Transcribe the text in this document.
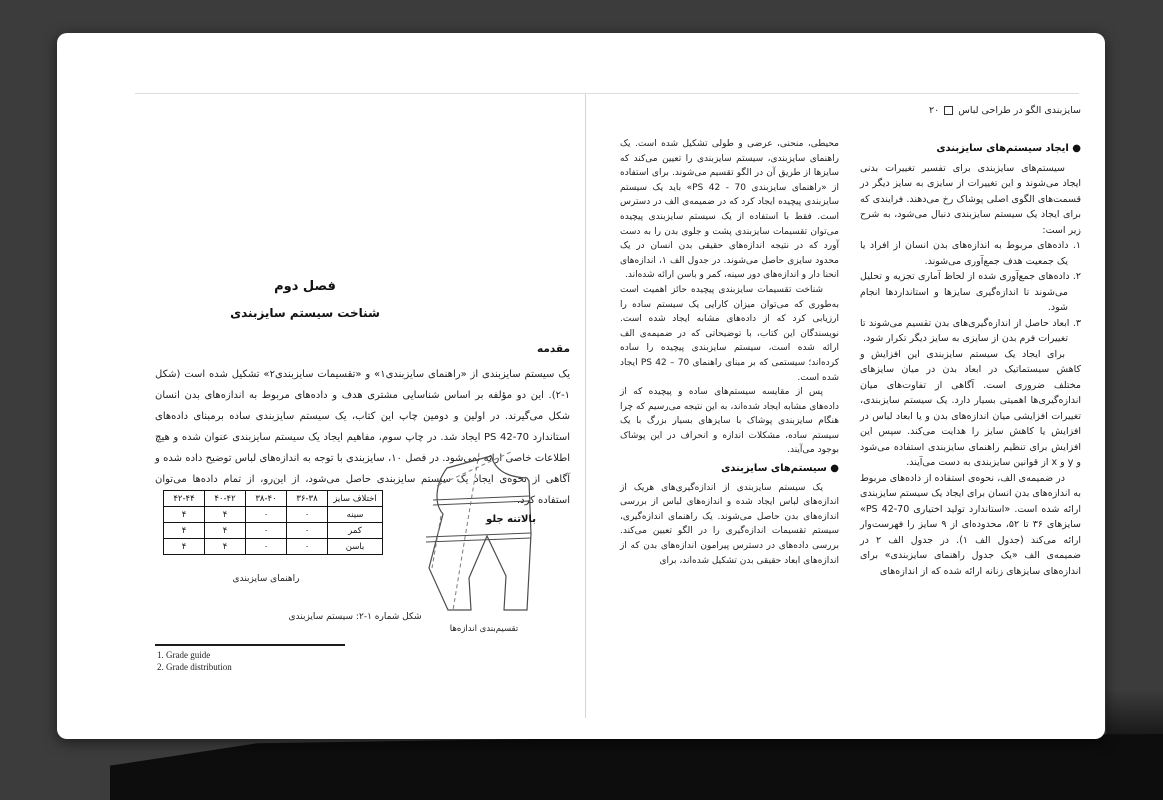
فصل دوم
شناخت سیستم سایزبندی
مقدمه
یک سیستم سایزبندی از «راهنمای سایزبندی۱» و «تقسیمات سایزبندی۲» تشکیل شده است (شکل ۱-۲). این دو مؤلفه بر اساس شناسایی مشتری هدف و داده‌های مربوط به اندازه‌های بدن انسان شکل می‌گیرند. در اولین و دومین چاپ این کتاب، یک سیستم سایزبندی ساده برمبنای داده‌های استاندارد PS 42-70 ایجاد شد. در چاپ سوم، مفاهیم ایجاد یک سیستم سایزبندی عنوان شده و هیچ اطلاعات خاصی ارائه نمی‌شود. در فصل ۱۰، سایزبندی با توجه به اندازه‌های لباس توضیح داده شده و آگاهی از نحوه‌ی ایجاد یک سیستم سایزبندی حاصل می‌شود، از این‌رو، از تمام داده‌ها می‌توان استفاده کرد.
اختلاف سایز	۳۶-۳۸	۳۸-۴۰	۴۰-۴۲	۴۲-۴۴
سینه	۰	۰	۴	۴
کمر	۰	۰	۴	۴
باسن	۰	۰	۴	۴
راهنمای سایزبندی
بالاتنه جلو
تقسیم‌بندی اندازه‌ها
شکل شماره ۱-۲: سیستم سایزبندی
1. Grade guide
2. Grade distribution
۲۰ سایزبندی الگو در طراحی لباس

محیطی، منحنی، عرضی و طولی تشکیل شده است. یک راهنمای سایزبندی، سیستم سایزبندی را تعیین می‌کند که سایزها از طریق آن در الگو تقسیم می‌شوند. برای استفاده از «راهنمای سایزبندی PS 42 - 70» باید یک سیستم سایزبندی پیچیده ایجاد کرد که در ضمیمه‌ی الف در دسترس است. فقط با استفاده از یک سیستم سایزبندی پیچیده می‌توان تقسیمات سایزبندی پشت و جلوی بدن را به دست آورد که در نتیجه اندازه‌های حقیقی بدن انسان در یک محدود سایزی حاصل می‌شوند. در جدول الف ۱، اندازه‌های انحنا دار و اندازه‌های دور سینه، کمر و باسن ارائه شده‌اند.

شناخت تقسیمات سایزبندی پیچیده حائز اهمیت است به‌طوری که می‌توان میزان کارایی یک سیستم ساده را ارزیابی کرد که از داده‌های مشابه ایجاد شده است. نویسندگان این کتاب، با توضیحاتی که در ضمیمه‌ی الف ارائه شده است، سیستم سایزبندی پیچیده را ساده کرده‌اند؛ سیستمی که بر مبنای راهنمای PS 42 – 70 ایجاد شده است.

پس از مقایسه سیستم‌های ساده و پیچیده که از داده‌های مشابه ایجاد شده‌اند، به این نتیجه می‌رسیم که چرا هنگام سایزبندی پوشاک با سایزهای بسیار بزرگ با یک سیستم ساده، مشکلات اندازه و انحراف در این پوشاک بوجود می‌آیند.

● سیستم‌های سایزبندی

یک سیستم سایزبندی از اندازه‌گیری‌های هریک از اندازه‌های لباس ایجاد شده و اندازه‌های لباس از بررسی اندازه‌های بدن حاصل می‌شوند. یک راهنمای اندازه‌گیری، سیستم تقسیمات اندازه‌گیری را در الگو تعیین می‌کند. بررسی داده‌های در دسترس پیرامون اندازه‌های بدن که از اندازه‌های ابعاد حقیقی بدن تشکیل شده‌اند، برای

● ایجاد سیستم‌های سایزبندی

سیستم‌های سایزبندی برای تفسیر تغییرات بدنی ایجاد می‌شوند و این تغییرات از سایزی به سایز دیگر در قسمت‌های الگوی اصلی پوشاک رخ می‌دهند. فرایندی که برای ایجاد یک سیستم سایزبندی دنبال می‌شود، به شرح زیر است:

۱. داده‌های مربوط به اندازه‌های بدن انسان از افراد یا یک جمعیت هدف جمع‌آوری می‌شوند.
۲. داده‌های جمع‌آوری شده از لحاظ آماری تجزیه و تحلیل می‌شوند تا اندازه‌گیری سایزها و استانداردها انجام شود.
۳. ابعاد حاصل از اندازه‌گیری‌های بدن تقسیم می‌شوند تا تغییرات فرم بدن از سایزی به سایز دیگر تکرار شود.

برای ایجاد یک سیستم سایزبندی این افزایش و کاهش سیستماتیک در ابعاد بدن در میان سایزهای مختلف ضروری است. آگاهی از تفاوت‌های میان اندازه‌گیری‌ها اهمیتی بسیار دارد. یک سیستم سایزبندی، تغییرات افزایشی میان اندازه‌های بدن و یا ابعاد لباس در افزایش یا کاهش سایز را هدایت می‌کند. سپس این افزایش برای تنظیم راهنمای سایزبندی استفاده می‌شود و y و x از قوانین سایزبندی به دست می‌آیند.

در ضمیمه‌ی الف، نحوه‌ی استفاده از داده‌های مربوط به اندازه‌های بدن انسان برای ایجاد یک سیستم سایزبندی ارائه شده است. «استاندارد تولید اختیاری PS 42-70» سایزهای ۳۶ تا ۵۲، محدوده‌ای از ۹ سایز را فهرست‌وار ارائه می‌کند (جدول الف ۱). در جدول الف ۲ در ضمیمه‌ی الف «یک جدول راهنمای سایزبندی» برای اندازه‌های سایزهای زنانه ارائه شده که از اندازه‌های
